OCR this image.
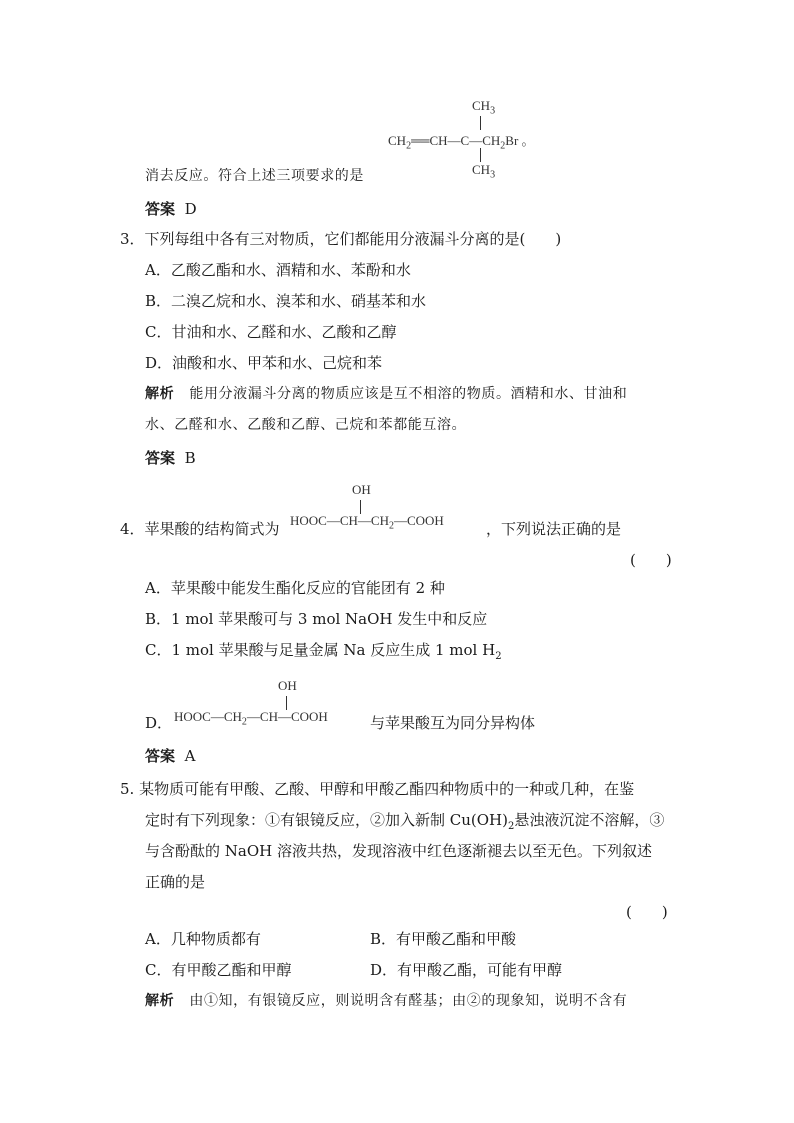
$CH_3$
$CH_2══CH—C—CH_2Br$ 。
$CH_3$
消去反应。符合上述三项要求的是
答案 D
3．下列每组中各有三对物质，它们都能用分液漏斗分离的是(　　)
A．乙酸乙酯和水、酒精和水、苯酚和水
B．二溴乙烷和水、溴苯和水、硝基苯和水
C．甘油和水、乙醛和水、乙酸和乙醇
D．油酸和水、甲苯和水、己烷和苯
解析 能用分液漏斗分离的物质应该是互不相溶的物质。酒精和水、甘油和
水、乙醛和水、乙酸和乙醇、己烷和苯都能互溶。
答案 B
OH
$HOOC—CH—CH_2—COOH$
4．苹果酸的结构简式为	，下列说法正确的是
(　　)
A．苹果酸中能发生酯化反应的官能团有 2 种
B．1 mol 苹果酸可与 3 mol NaOH 发生中和反应
C．1 mol 苹果酸与足量金属 Na 反应生成 1 mol $H_2$
OH
$HOOC—CH_2—CH—COOH$
D．	与苹果酸互为同分异构体
答案 A
5. 某物质可能有甲酸、乙酸、甲醇和甲酸乙酯四种物质中的一种或几种，在鉴
定时有下列现象：①有银镜反应，②加入新制 $Cu(OH)_2$悬浊液沉淀不溶解，③
与含酚酞的 NaOH 溶液共热，发现溶液中红色逐渐褪去以至无色。下列叙述
正确的是
(　　)
A．几种物质都有	B．有甲酸乙酯和甲酸
C．有甲酸乙酯和甲醇	D．有甲酸乙酯，可能有甲醇
解析 由①知，有银镜反应，则说明含有醛基；由②的现象知，说明不含有
